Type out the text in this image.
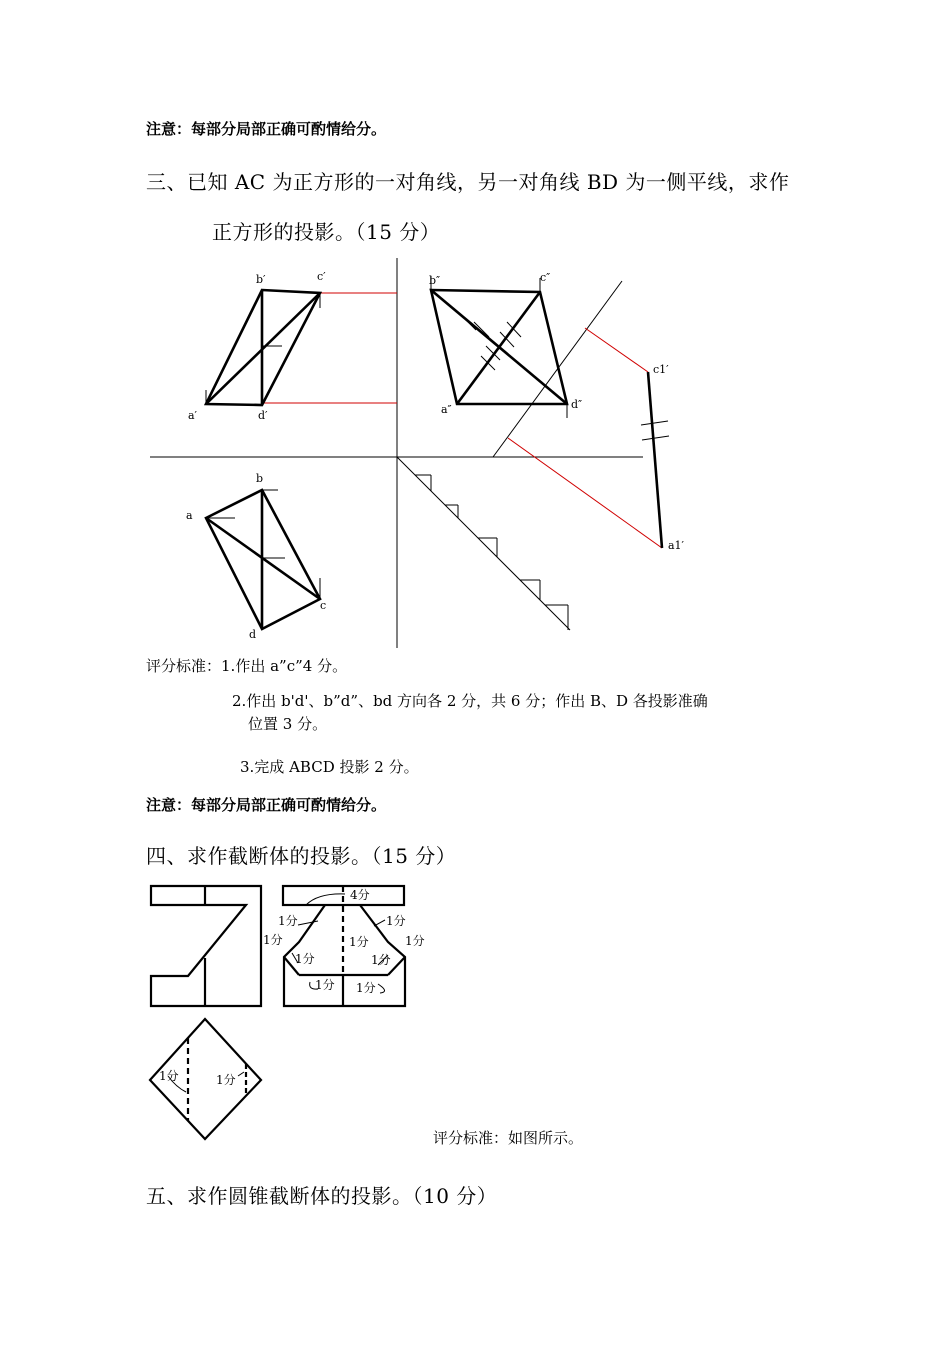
注意：每部分局部正确可酌情给分。
三、已知 AC 为正方形的一对角线，另一对角线 BD 为一侧平线，求作
正方形的投影。（15 分）
b′	c′
a′	d′
b″	c″
a″	d″
c1′
a1′
a
b
c
d
评分标准：1.作出 a”c”4 分。
2.作出 b'd'、b”d”、bd 方向各 2 分，共 6 分；作出 B、D 各投影准确
位置 3 分。
3.完成 ABCD 投影 2 分。
注意：每部分局部正确可酌情给分。
四、求作截断体的投影。（15 分）
4分
1分
1分	1分
1分
1分
1分	1分
1分 1分
1分	1分
评分标准：如图所示。
五、求作圆锥截断体的投影。（10 分）
